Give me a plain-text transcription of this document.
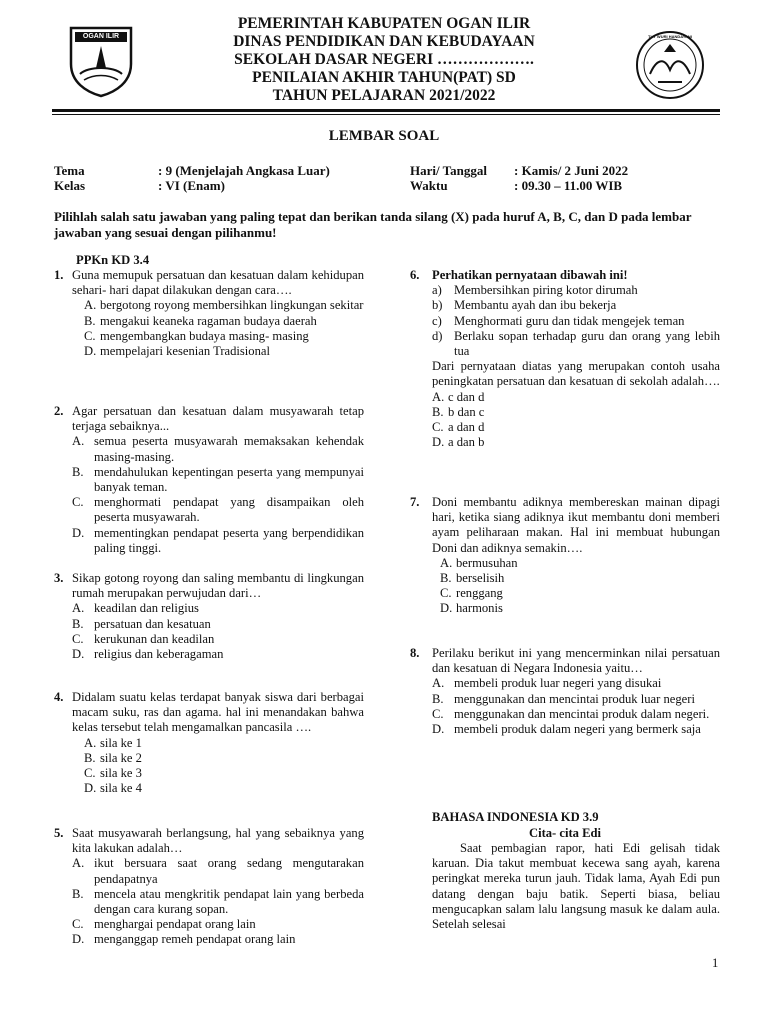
OGAN ILIR	TUT WURI HANDAYANI
PEMERINTAH KABUPATEN OGAN ILIR
DINAS PENDIDIKAN DAN KEBUDAYAAN
SEKOLAH DASAR NEGERI ……………….
PENILAIAN AKHIR TAHUN(PAT) SD
TAHUN PELAJARAN 2021/2022
LEMBAR SOAL
Tema	: 9 (Menjelajah Angkasa Luar)
Kelas	: VI (Enam)
Hari/ Tanggal : Kamis/ 2 Juni 2022
Waktu	: 09.30 – 11.00 WIB
Pilihlah salah satu jawaban yang paling tepat dan berikan tanda silang (X) pada huruf A, B, C, dan D pada lembar jawaban yang sesuai dengan pilihanmu!
PPKn KD 3.4
1. Guna memupuk persatuan dan kesatuan dalam kehidupan sehari- hari dapat dilakukan dengan cara….
A. bergotong royong membersihkan lingkungan sekitar
B. mengakui keaneka ragaman budaya daerah
C. mengembangkan budaya masing- masing
D. mempelajari kesenian Tradisional
2. Agar persatuan dan kesatuan dalam musyawarah tetap terjaga sebaiknya...
A. semua peserta musyawarah memaksakan kehendak masing-masing.
B. mendahulukan kepentingan peserta yang mempunyai banyak teman.
C. menghormati pendapat yang disampaikan oleh peserta musyawarah.
D. mementingkan pendapat peserta yang berpendidikan paling tinggi.
3. Sikap gotong royong dan saling membantu di lingkungan rumah merupakan perwujudan dari…
A. keadilan dan religius
B. persatuan dan kesatuan
C. kerukunan dan keadilan
D. religius dan keberagaman
4. Didalam suatu kelas terdapat banyak siswa dari berbagai macam suku, ras dan agama. hal ini menandakan bahwa kelas tersebut telah mengamalkan pancasila ….
A. sila ke 1
B. sila ke 2
C. sila ke 3
D. sila ke 4
5. Saat musyawarah berlangsung, hal yang sebaiknya yang kita lakukan adalah…
A. ikut bersuara saat orang sedang mengutarakan pendapatnya
B. mencela atau mengkritik pendapat lain yang berbeda dengan cara kurang sopan.
C. menghargai pendapat orang lain
D. menganggap remeh pendapat orang lain
6. Perhatikan pernyataan dibawah ini!
a) Membersihkan piring kotor dirumah
b) Membantu ayah dan ibu bekerja
c) Menghormati guru dan tidak mengejek teman
d) Berlaku sopan terhadap guru dan orang yang lebih tua
Dari pernyataan diatas yang merupakan contoh usaha peningkatan persatuan dan kesatuan di sekolah adalah….
A. c dan d
B. b dan c
C. a dan d
D. a dan b
7. Doni membantu adiknya membereskan mainan dipagi hari, ketika siang adiknya ikut membantu doni memberi ayam peliharaan makan. Hal ini membuat hubungan Doni dan adiknya semakin….
A. bermusuhan
B. berselisih
C. renggang
D. harmonis
8. Perilaku berikut ini yang mencerminkan nilai persatuan dan kesatuan di Negara Indonesia yaitu…
A. membeli produk luar negeri yang disukai
B. menggunakan dan mencintai produk luar negeri
C. menggunakan dan mencintai produk dalam negeri.
D. membeli produk dalam negeri yang bermerk saja
BAHASA INDONESIA KD 3.9
Cita- cita Edi
Saat pembagian rapor, hati Edi gelisah tidak karuan. Dia takut membuat kecewa sang ayah, karena peringkat mereka turun jauh. Tidak lama, Ayah Edi pun datang dengan baju batik. Seperti biasa, beliau mengucapkan salam lalu langsung masuk ke dalam aula. Setelah selesai
1
